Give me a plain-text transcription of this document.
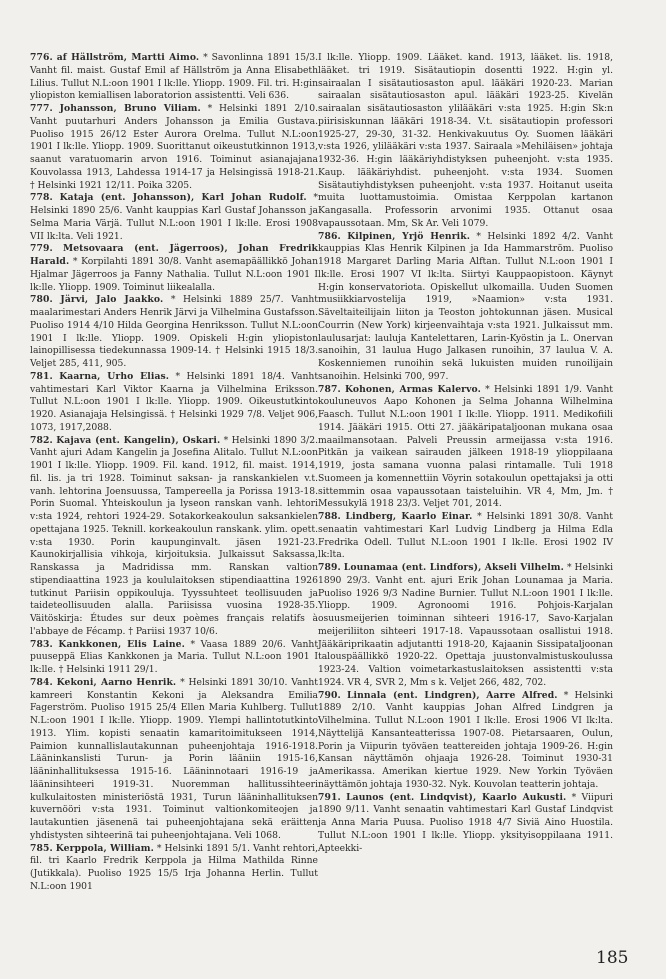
776. af Hällström, Martti Aimo. * Savonlinna 1891 15/3. Vanht fil. maist. Gustaf Emil af Hällström ja Anna Elisabeth Lilius. Tullut N.L:oon 1901 I lk:lle. Yliopp. 1909. Fil. tri. H:gin yliopiston kemiallisen laboratorion assistentti. Veli 636.

777. Johansson, Bruno Viliam. * Helsinki 1891 2/10. Vanht puutarhuri Anders Johansson ja Emilia Gustava. Puoliso 1915 26/12 Ester Aurora Orelma. Tullut N.L:oon 1901 I lk:lle. Yliopp. 1909. Suorittanut oikeustutkinnon 1913, saanut varatuomarin arvon 1916. Toiminut asianajajana Kouvolassa 1913, Lahdessa 1914-17 ja Helsingissä 1918-21. † Helsinki 1921 12/11. Poika 3205.

778. Kataja (ent. Johansson), Karl Johan Rudolf. * Helsinki 1890 25/6. Vanht kauppias Karl Gustaf Johansson ja Selma Maria Värjä. Tullut N.L:oon 1901 I lk:lle. Erosi 1908 VII lk:lta. Veli 1921.

779. Metsovaara (ent. Jägerroos), Johan Fredrik Harald. * Korpilahti 1891 30/8. Vanht asemapäällikkö Johan Hjalmar Jägerroos ja Fanny Nathalia. Tullut N.L:oon 1901 I lk:lle. Yliopp. 1909. Toiminut liikealalla.

780. Järvi, Jalo Jaakko. * Helsinki 1889 25/7. Vanht maalarimestari Anders Henrik Järvi ja Vilhelmina Gustafsson. Puoliso 1914 4/10 Hilda Georgina Henriksson. Tullut N.L:oon 1901 I lk:lle. Yliopp. 1909. Opiskeli H:gin yliopiston lainopillisessa tiedekunnassa 1909-14. † Helsinki 1915 18/3. Veljet 285, 411, 905.

781. Kaarna, Urho Elias. * Helsinki 1891 18/4. Vanht vahtimestari Karl Viktor Kaarna ja Vilhelmina Eriksson. Tullut N.L:oon 1901 I lk:lle. Yliopp. 1909. Oikeustutkinto 1920. Asianajaja Helsingissä. † Helsinki 1929 7/8. Veljet 906, 1073, 1917,2088.

782. Kajava (ent. Kangelin), Oskari. * Helsinki 1890 3/2. Vanht ajuri Adam Kangelin ja Josefina Alitalo. Tullut N.L:oon 1901 I lk:lle. Yliopp. 1909. Fil. kand. 1912, fil. maist. 1914, fil. lis. ja tri 1928. Toiminut saksan- ja ranskankielen v.t. vanh. lehtorina Joensuussa, Tampereella ja Porissa 1913-18. Porin Suomal. Yhteiskoulun ja lyseon ranskan vanh. lehtori v:sta 1924, rehtori 1924-29. Sotakorkeakoulun saksankielen opettajana 1925. Teknill. korkeakoulun ranskank. ylim. opett. v:sta 1930. Porin kaupunginvalt. jäsen 1921-23. Kaunokirjallisia vihkoja, kirjoituksia. Julkaissut Saksassa, Ranskassa ja Madridissa mm. Ranskan valtion stipendiaattina 1923 ja koululaitoksen stipendiaattina 1926 tutkinut Pariisin oppikouluja. Tyyssuhteet teollisuuden ja taideteollisuuden alalla. Pariisissa vuosina 1928-35. Väitöskirja: Études sur deux poèmes français relatifs à l'abbaye de Fécamp. † Pariisi 1937 10/6.

783. Kankkonen, Elis Laine. * Vaasa 1889 20/6. Vanht puuseppä Elias Kankkonen ja Maria. Tullut N.L:oon 1901 I lk:lle. † Helsinki 1911 29/1.

784. Kekoni, Aarno Henrik. * Helsinki 1891 30/10. Vanht kamreeri Konstantin Kekoni ja Aleksandra Emilia Fagerström. Puoliso 1915 25/4 Ellen Maria Kuhlberg. Tullut N.L:oon 1901 I lk:lle. Yliopp. 1909. Ylempi hallintotutkinto 1913. Ylim. kopisti senaatin kamaritoimitukseen 1914, Paimion kunnallislautakunnan puheenjohtaja 1916-1918. Lääninkanslisti Turun- ja Porin lääniin 1915-16, lääninhallituksessa 1915-16. Lääninnotaari 1916-19 ja lääninsihteeri 1919-31. Nuoremman hallitussihteeri kulkulaitosten ministeriöstä 1931, Turun lääninhallituksen kuvernööri v:sta 1931. Toiminut valtionkomiteojen ja lautakuntien jäsenenä tai puheenjohtajana sekä eräitten yhdistysten sihteerinä tai puheenjohtajana. Veli 1068.

785. Kerppola, William. * Helsinki 1891 5/1. Vanht rehtori, fil. tri Kaarlo Fredrik Kerppola ja Hilma Mathilda Rinne (Jutikkala). Puoliso 1925 15/5 Irja Johanna Herlin. Tullut N.L:oon 1901

I lk:lle. Yliopp. 1909. Lääket. kand. 1913, lääket. lis. 1918, lääket. tri 1919. Sisätautiopin dosentti 1922. H:gin yl. sairaalan I sisätautiosaston apul. lääkäri 1920-23. Marian sairaalan sisätautiosaston apul. lääkäri 1923-25. Kivelän sairaalan sisätautiosaston ylilääkäri v:sta 1925. H:gin Sk:n piirisiskunnan lääkäri 1918-34. V.t. sisätautiopin professori 1925-27, 29-30, 31-32. Henkivakuutus Oy. Suomen lääkäri v:sta 1926, ylilääkäri v:sta 1937. Sairaala »Mehiläisen» johtaja 1932-36. H:gin lääkäriyhdistyksen puheenjoht. v:sta 1935. Kaup. lääkäriyhdist. puheenjoht. v:sta 1934. Suomen Sisätautiyhdistyksen puheenjoht. v:sta 1937. Hoitanut useita muita luottamustoimia. Omistaa Kerppolan kartanon Kangasalla. Professorin arvonimi 1935. Ottanut osaa vapaussotaan. Mm, Sk Ar. Veli 1079.

786. Kilpinen, Yrjö Henrik. * Helsinki 1892 4/2. Vanht kauppias Klas Henrik Kilpinen ja Ida Hammarström. Puoliso 1918 Margaret Darling Maria Alftan. Tullut N.L:oon 1901 I lk:lle. Erosi 1907 VI lk:lta. Siirtyi Kauppaopistoon. Käynyt H:gin konservatoriota. Opiskellut ulkomailla. Uuden Suomen musiikkiarvostelija 1919, »Naamion» v:sta 1931. Säveltaiteilijain liiton ja Teoston johtokunnan jäsen. Musical Courrin (New York) kirjeenvaihtaja v:sta 1921. Julkaissut mm. laulusarjat: lauluja Kantelettaren, Larin-Kyöstin ja L. Onervan sanoihin, 31 laulua Hugo Jalkasen runoihin, 37 laulua V. A. Koskenniemen runoihin sekä lukuisten muiden runoilijain sanoihin. Helsinki 700, 997.

787. Kohonen, Armas Kalervo. * Helsinki 1891 1/9. Vanht kouluneuvos Aapo Kohonen ja Selma Johanna Wilhelmina Faasch. Tullut N.L:oon 1901 I lk:lle. Yliopp. 1911. Medikofiili 1914. Jääkäri 1915. Otti 27. jääkäripataljoonan mukana osaa maailmansotaan. Palveli Preussin armeijassa v:sta 1916. Pitkän ja vaikean sairauden jälkeen 1918-19 ylioppilaana 1919, josta samana vuonna palasi rintamalle. Tuli 1918 Suomeen ja komennettiin Vöyrin sotakoulun opettajaksi ja otti sittemmin osaa vapaussotaan taisteluihin. VR 4, Mm, Jm. † Messukylä 1918 23/3. Veljet 701, 2014.

788. Lindberg, Kaarlo Einar. * Helsinki 1891 30/8. Vanht senaatin vahtimestari Karl Ludvig Lindberg ja Hilma Edla Fredrika Odell. Tullut N.L:oon 1901 I lk:lle. Erosi 1902 IV lk:lta.

789. Lounamaa (ent. Lindfors), Akseli Vilhelm. * Helsinki 1890 29/3. Vanht ent. ajuri Erik Johan Lounamaa ja Maria. Puoliso 1926 9/3 Nadine Burnier. Tullut N.L:oon 1901 I lk:lle. Yliopp. 1909. Agronoomi 1916. Pohjois-Karjalan osuusmeijerien toiminnan sihteeri 1916-17, Savo-Karjalan meijeriliiton sihteeri 1917-18. Vapaussotaan osallistui 1918. Jääkäriprikaatin adjutantti 1918-20, Kajaanin Sissipataljoonan talouspäällikkö 1920-22. Opettaja juustonvalmistuskoulussa 1923-24. Valtion voimetarkastuslaitoksen assistentti v:sta 1924. VR 4, SVR 2, Mm s k. Veljet 266, 482, 702.

790. Linnala (ent. Lindgren), Aarre Alfred. * Helsinki 1889 2/10. Vanht kauppias Johan Alfred Lindgren ja Vilhelmina. Tullut N.L:oon 1901 I lk:lle. Erosi 1906 VI lk:lta. Näyttelijä Kansanteatterissa 1907-08. Pietarsaaren, Oulun, Porin ja Viipurin työväen teattereiden johtaja 1909-26. H:gin Kansan näyttämön ohjaaja 1926-28. Toiminut 1930-31 Amerikassa. Amerikan kiertue 1929. New Yorkin Työväen näyttämön johtaja 1930-32. Nyk. Kouvolan teatterin johtaja.

791. Launos (ent. Lindqvist), Kaarlo Aukusti. * Viipuri 1890 9/11. Vanht senaatin vahtimestari Karl Gustaf Lindqvist ja Anna Maria Puusa. Puoliso 1918 4/7 Siviä Aino Huostila. Tullut N.L:oon 1901 I lk:lle. Yliopp. yksityisoppilaana 1911. Apteekki-

185
